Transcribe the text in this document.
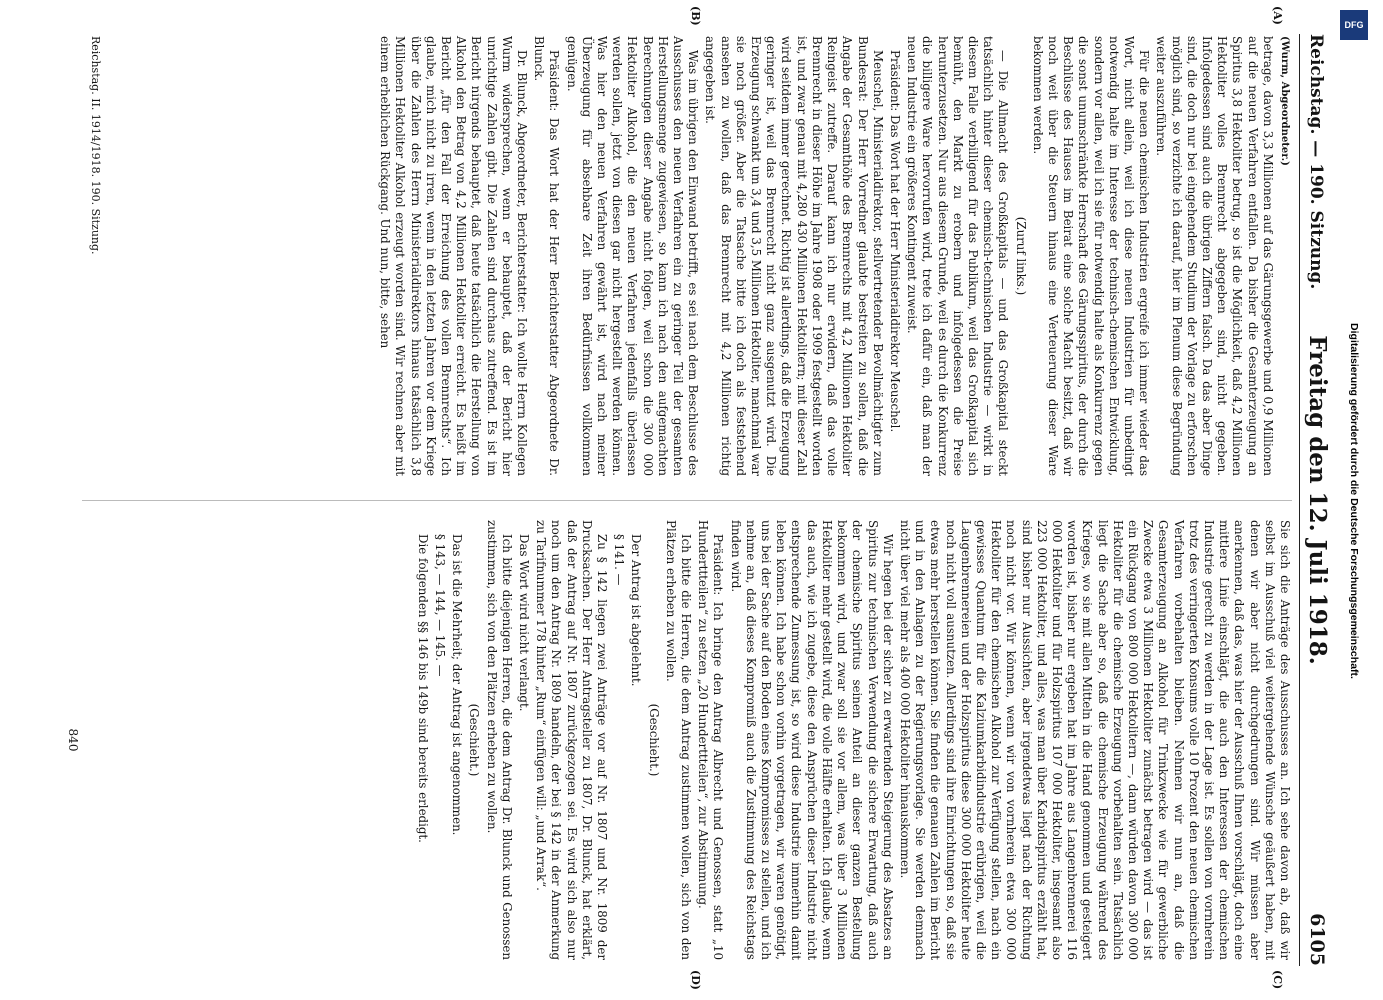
Reichstag. — 190. Sitzung.
Freitag den 12. Juli 1918.
6105
(A)
(B)
(C)
(D)

(Wurm, Abgeordneter.)

betrage, davon 3,3 Millionen auf das Gärungsgewerbe und 0,9 Millionen auf die neuen Verfahren entfallen. Da bisher die Gesamterzeugung an Spiritus 3,8 Hektoliter betrug, so ist die Möglichkeit, daß 4,2 Millionen Hektoliter volles Brennrecht abgegeben sind, nicht gegeben. Infolgedessen sind auch die übrigen Ziffern falsch. Da das aber Dinge sind, die doch nur bei eingehendem Studium der Vorlage zu erforschen möglich sind, so verzichte ich darauf, hier im Plenum diese Begründung weiter auszuführen.

Für die neuen chemischen Industrien ergreife ich immer wieder das Wort, nicht allein, weil ich diese neuen Industrien für unbedingt notwendig halte im Interesse der technisch-chemischen Entwicklung, sondern vor allen, weil ich sie für notwendig halte als Konkurrenz gegen die sonst unumschränkte Herrschaft des Gärungsspiritus, der durch die Beschlüsse des Hauses im Beirat eine solche Macht besitzt, daß wir noch weit über die Steuern hinaus eine Verteuerung dieser Ware bekommen werden.

(Zuruf links.)

— Die Allmacht des Großkapitals — und das Großkapital steckt tatsächlich hinter dieser chemisch-technischen Industrie — wirkt in diesem Falle verbilligend für das Publikum, weil das Großkapital sich bemüht, den Markt zu erobern und infolgedessen die Preise herunterzusetzen. Nur aus diesem Grunde, weil es durch die Konkurrenz die billigere Ware hervorrufen wird, trete ich dafür ein, daß man der neuen Industrie ein größeres Kontingent zuweist.

Präsident: Das Wort hat der Herr Ministerialdirektor Meuschel.

Meuschel, Ministerialdirektor, stellvertretender Bevollmächtigter zum Bundesrat: Der Herr Vorredner glaubte bestreiten zu sollen, daß die Angabe der Gesamthöhe des Brennrechts mit 4,2 Millionen Hektoliter Reingeist zutreffe. Darauf kann ich nur erwidern, daß das volle Brennrecht in dieser Höhe im Jahre 1908 oder 1909 festgestellt worden ist, und zwar genau mit 4,280 430 Millionen Hektolitern; mit dieser Zahl wird seitdem immer gerechnet. Richtig ist allerdings, daß die Erzeugung geringer ist, weil das Brennrecht nicht ganz ausgenutzt wird. Die Erzeugung schwankt um 3,4 und 3,5 Millionen Hektoliter, manchmal war sie noch größer. Aber die Tatsache bitte ich doch als feststehend ansehen zu wollen, daß das Brennrecht mit 4,2 Millionen richtig angegeben ist.

Was im übrigen den Einwand betrifft, es sei nach dem Beschlusse des Ausschusses den neuen Verfahren ein zu geringer Teil der gesamten Herstellungsmenge zugewiesen, so kann ich nach den aufgemachten Berechnungen dieser Angabe nicht folgen, weil schon die 300 000 Hektoliter Alkohol, die den neuen Verfahren jedenfalls überlassen werden sollen, jetzt von diesen gar nicht hergestellt werden können. Was hier den neuen Verfahren gewährt ist, wird nach meiner Überzeugung für absehbare Zeit ihren Bedürfnissen vollkommen genügen.

Präsident: Das Wort hat der Herr Berichterstatter Abgeordnete Dr. Blunck.

Dr. Blunck, Abgeordneter, Berichterstatter: Ich wollte Herrn Kollegen Wurm widersprechen, wenn er behauptet, daß der Bericht hier unrichtige Zahlen gibt. Die Zahlen sind durchaus zutreffend. Es ist im Bericht nirgends behauptet, daß heute tatsächlich die Herstellung von Alkohol den Betrag von 4,2 Millionen Hektoliter erreicht. Es heißt im Bericht „für den Fall der Erreichung des vollen Brennrechts“. Ich glaube, mich nicht zu irren, wenn in den letzten Jahren vor dem Kriege über die Zahlen des Herrn Ministerialdirektors hinaus tatsächlich 3,8 Millionen Hektoliter Alkohol erzeugt worden sind. Wir rechnen aber mit einem erheblichen Rückgang. Und nun, bitte, sehen

Sie sich die Anträge des Ausschusses an. Ich sehe davon ab, daß wir selbst im Ausschuß viel weitergehende Wünsche geäußert haben, mit denen wir aber nicht durchgedrungen sind. Wir müssen aber anerkennen, daß das, was hier der Ausschuß Ihnen vorschlägt, doch eine mittlere Linie einschlägt, die auch den Interessen der chemischen Industrie gerecht zu werden in der Lage ist. Es sollen von vornherein trotz des verringerten Konsums volle 10 Prozent den neuen chemischen Verfahren vorbehalten bleiben. Nehmen wir nun an, daß die Gesamterzeugung an Alkohol für Trinkzwecke wie für gewerbliche Zwecke etwa 3 Millionen Hektoliter zunächst betragen wird — das ist ein Rückgang von 800 000 Hektolitern —, dann würden davon 300 000 Hektoliter für die chemische Erzeugung vorbehalten sein. Tatsächlich liegt die Sache aber so, daß die chemische Erzeugung während des Krieges, wo sie mit allen Mitteln in die Hand genommen und gesteigert worden ist, bisher nur ergeben hat im Jahre aus Langenbrennerei 116 000 Hektoliter und für Holzspiritus 107 000 Hektoliter, insgesamt also 223 000 Hektoliter, und alles, was man über Karbidspiritus erzählt hat, sind bisher nur Aussichten, aber irgendetwas liegt nach der Richtung noch nicht vor. Wir können, wenn wir von vornherein etwa 300 000 Hektoliter für den chemischen Alkohol zur Verfügung stellen, nach ein gewisses Quantum für die Kalziumkarbidindustrie erübrigen, weil die Laugenbrennereien und der Holzspiritus diese 300 000 Hektoliter heute noch nicht voll ausnutzen. Allerdings sind ihre Einrichtungen so, daß sie etwas mehr herstellen können. Sie finden die genauen Zahlen im Bericht und in den Anlagen zu der Regierungsvorlage. Sie werden demnach nicht über viel mehr als 400 000 Hektoliter hinauskommen.

Wir hegen bei der sicher zu erwartenden Steigerung des Absatzes an Spiritus zur technischen Verwendung die sichere Erwartung, daß auch der chemische Spiritus seinen Anteil an dieser ganzen Bestellung bekommen wird, und zwar soll sie vor allem, was über 3 Millionen Hektoliter mehr gestellt wird, die volle Hälfte erhalten. Ich glaube, wenn das auch, wie ich zugebe, diese den Ansprüchen dieser Industrie nicht entsprechende Zumessung ist, so wird diese Industrie immerhin damit leben können. Ich habe schon vorhin vorgetragen, wir waren genötigt, uns bei der Sache auf den Boden eines Kompromisses zu stellen, und ich nehme an, daß dieses Kompromiß auch die Zustimmung des Reichstags finden wird.

Präsident: Ich bringe den Antrag Albrecht und Genossen, statt „10 Hunderttteilen“ zu setzen „20 Hunderttteilen“, zur Abstimmung.

Ich bitte die Herren, die dem Antrag zustimmen wollen, sich von den Plätzen erheben zu wollen.

(Geschieht.)

Der Antrag ist abgelehnt.

§ 141. —

Zu § 142 liegen zwei Anträge vor auf Nr. 1807 und Nr. 1809 der Drucksachen. Der Herr Antragsteller zu 1807, Dr. Blunck, hat erklärt, daß der Antrag auf Nr. 1807 zurückgezogen sei. Es wird sich also nur noch um den Antrag Nr. 1809 handeln, der bei § 142 in der Anmerkung zu Tarifnummer 178 hinter „Rum“ einfügen will: „und Arrak“.

Das Wort wird nicht verlangt.

Ich bitte diejenigen Herren, die dem Antrag Dr. Blunck und Genossen zustimmen, sich von den Plätzen erheben zu wollen.

(Geschieht.)

Das ist die Mehrheit; der Antrag ist angenommen.

§ 143, — 144, — 145. —

Die folgenden §§ 146 bis 149b sind bereits erledigt.

Reichstag. II. 1914/1918. 190. Sitzung.
840
DFG
Digitalisierung gefördert durch die Deutsche Forschungsgemeinschaft.
